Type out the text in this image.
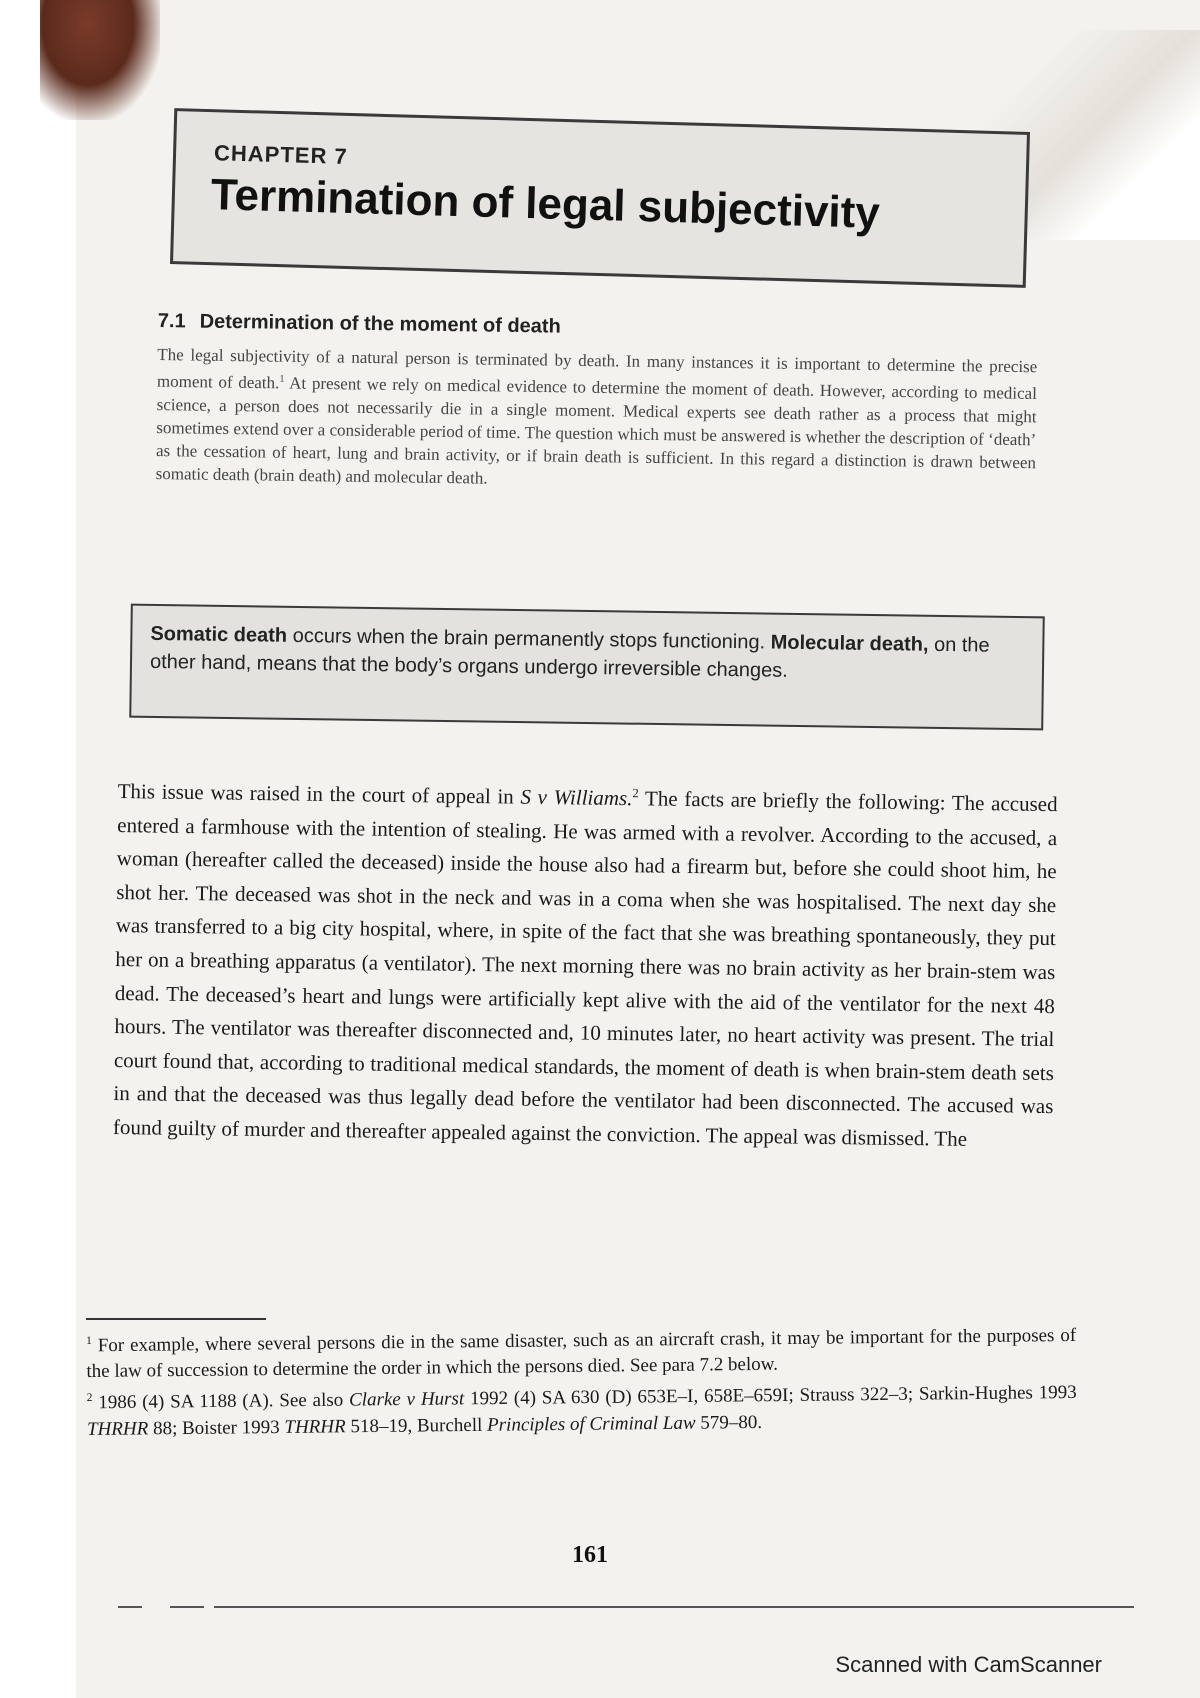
CHAPTER 7
Termination of legal subjectivity
7.1 Determination of the moment of death

The legal subjectivity of a natural person is terminated by death. In many instances it is important to determine the precise moment of death.$^1$ At present we rely on medical evidence to determine the moment of death. However, according to medical science, a person does not necessarily die in a single moment. Medical experts see death rather as a process that might sometimes extend over a considerable period of time. The question which must be answered is whether the description of ‘death’ as the cessation of heart, lung and brain activity, or if brain death is sufficient. In this regard a distinction is drawn between somatic death (brain death) and molecular death.

Somatic death occurs when the brain permanently stops functioning. Molecular death, on the other hand, means that the body’s organs undergo irreversible changes.

This issue was raised in the court of appeal in S v Williams.$^2$ The facts are briefly the following: The accused entered a farmhouse with the intention of stealing. He was armed with a revolver. According to the accused, a woman (hereafter called the deceased) inside the house also had a firearm but, before she could shoot him, he shot her. The deceased was shot in the neck and was in a coma when she was hospitalised. The next day she was transferred to a big city hospital, where, in spite of the fact that she was breathing spontaneously, they put her on a breathing apparatus (a ventilator). The next morning there was no brain activity as her brain-stem was dead. The deceased’s heart and lungs were artificially kept alive with the aid of the ventilator for the next 48 hours. The ventilator was thereafter disconnected and, 10 minutes later, no heart activity was present. The trial court found that, according to traditional medical standards, the moment of death is when brain-stem death sets in and that the deceased was thus legally dead before the ventilator had been disconnected. The accused was found guilty of murder and thereafter appealed against the conviction. The appeal was dismissed. The

$^1$ For example, where several persons die in the same disaster, such as an aircraft crash, it may be important for the purposes of the law of succession to determine the order in which the persons died. See para 7.2 below.

$^2$ 1986 (4) SA 1188 (A). See also Clarke v Hurst 1992 (4) SA 630 (D) 653E–I, 658E–659I; Strauss 322–3; Sarkin-Hughes 1993 THRHR 88; Boister 1993 THRHR 518–19, Burchell Principles of Criminal Law 579–80.

161
Scanned with CamScanner
